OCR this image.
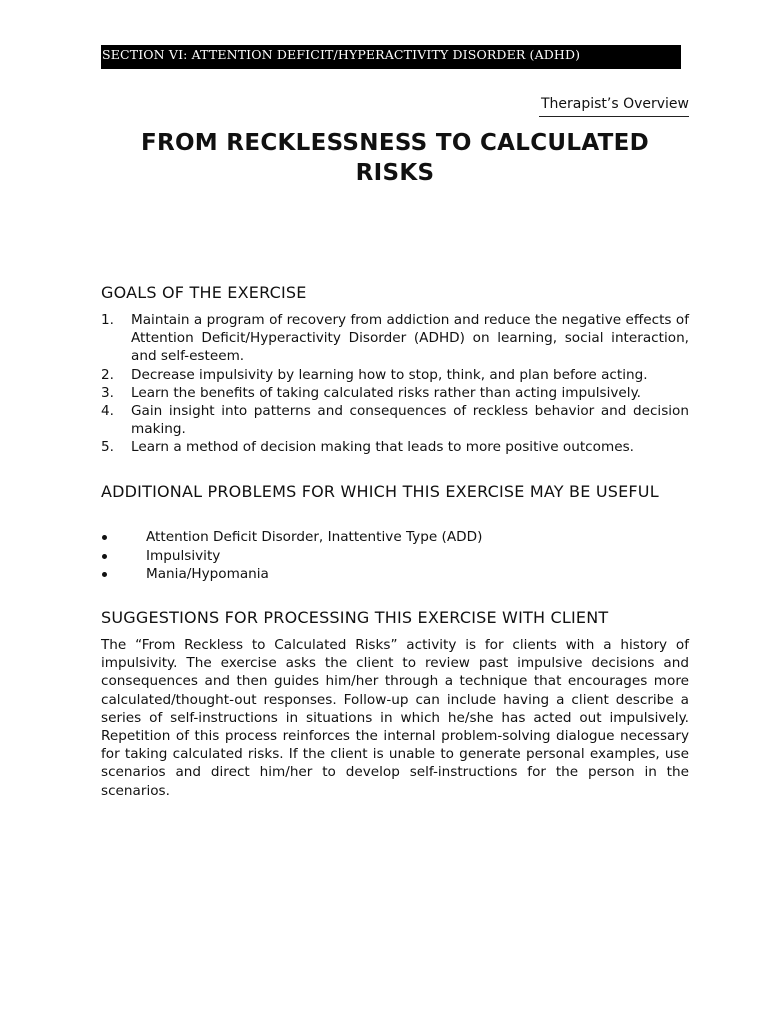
SECTION VI: ATTENTION DEFICIT/HYPERACTIVITY DISORDER (ADHD)
Therapist’s Overview
FROM RECKLESSNESS TO CALCULATED RISKS
GOALS OF THE EXERCISE
1. Maintain a program of recovery from addiction and reduce the negative effects of Attention Deficit/Hyperactivity Disorder (ADHD) on learning, social interaction, and self-esteem.
2. Decrease impulsivity by learning how to stop, think, and plan before acting.
3. Learn the benefits of taking calculated risks rather than acting impulsively.
4. Gain insight into patterns and consequences of reckless behavior and decision making.
5. Learn a method of decision making that leads to more positive outcomes.
ADDITIONAL PROBLEMS FOR WHICH THIS EXERCISE MAY BE USEFUL
Attention Deficit Disorder, Inattentive Type (ADD)
Impulsivity
Mania/Hypomania
SUGGESTIONS FOR PROCESSING THIS EXERCISE WITH CLIENT

The “From Reckless to Calculated Risks” activity is for clients with a history of impulsivity. The exercise asks the client to review past impulsive decisions and consequences and then guides him/her through a technique that encourages more calculated/thought-out responses. Follow-up can include having a client describe a series of self-instructions in situations in which he/she has acted out impulsively. Repetition of this process reinforces the internal problem-solving dialogue necessary for taking calculated risks. If the client is unable to generate personal examples, use scenarios and direct him/her to develop self-instructions for the person in the scenarios.
